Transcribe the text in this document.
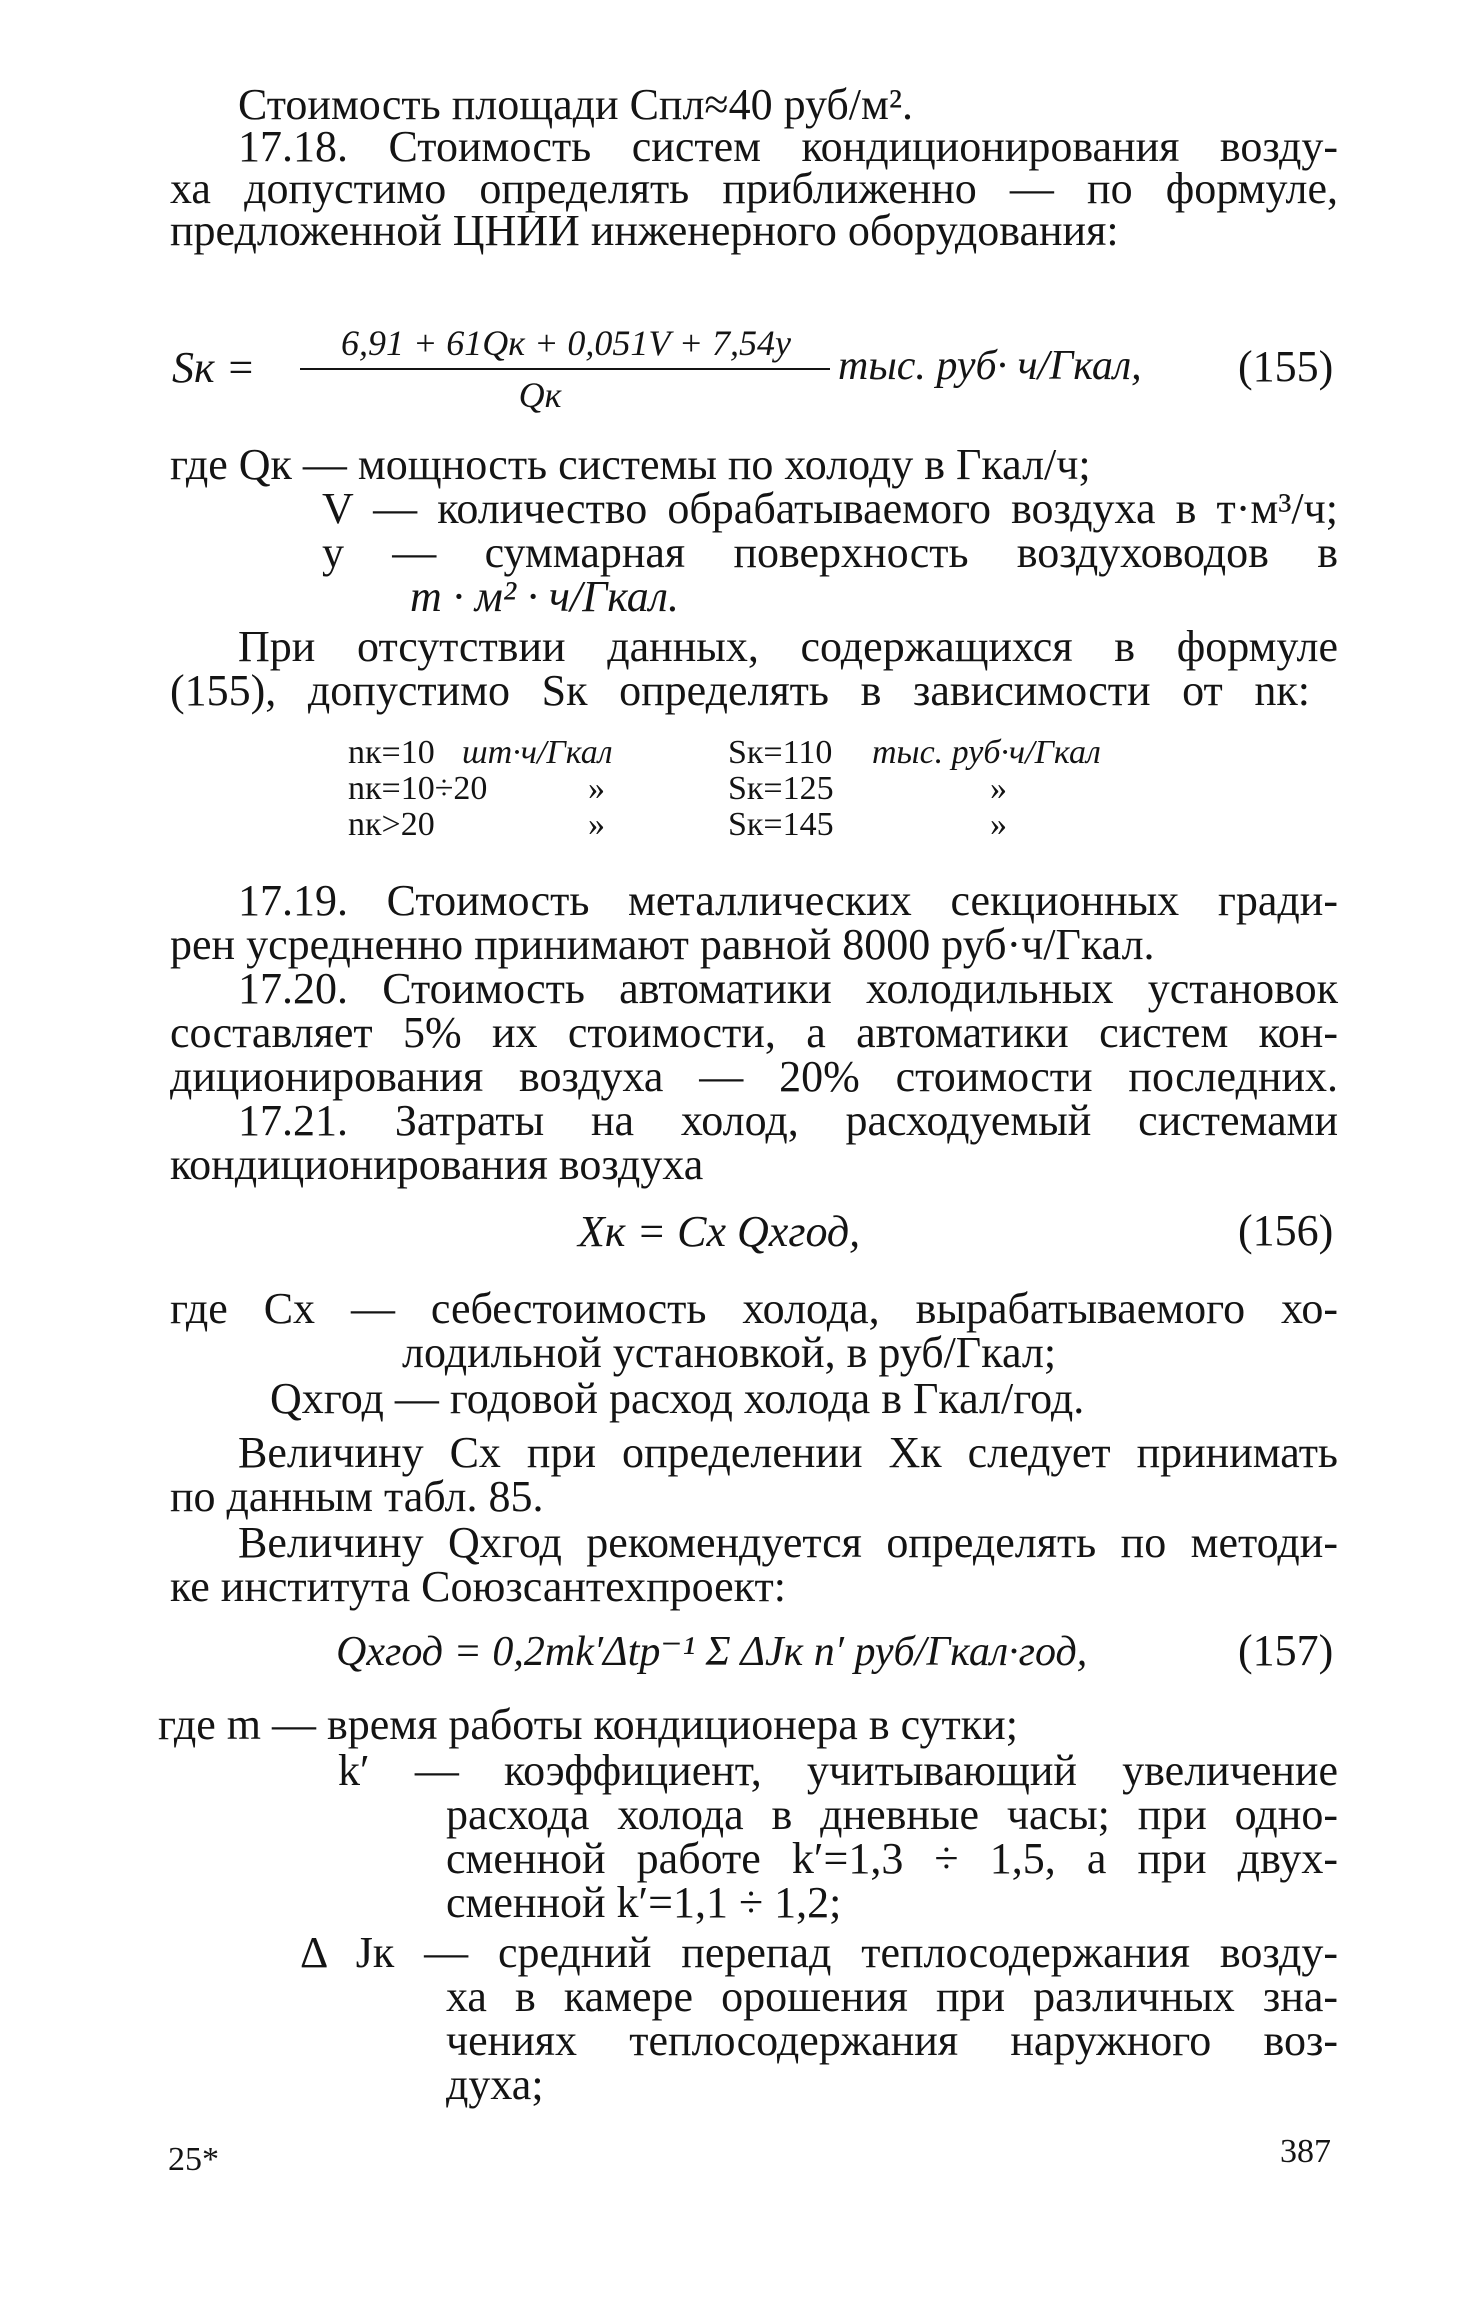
Стоимость площади Cпл≈40 руб/м².
17.18. Стоимость систем кондиционирования возду-
ха допустимо определять приближенно — по формуле,
предложенной ЦНИИ инженерного оборудования:
Sк =	6,91 + 61Qк + 0,051V + 7,54y
Qк
тыс. руб· ч/Гкал, (155)
где Qк — мощность системы по холоду в Гкал/ч;
V — количество обрабатываемого воздуха в т·м³/ч;
y — суммарная поверхность воздуховодов в
т · м² · ч/Гкал.
При отсутствии данных, содержащихся в формуле
(155), допустимо Sк определять в зависимости от nк:
nк=10 шт·ч/Гкал	Sк=110 тыс. руб·ч/Гкал
nк=10÷20	»	Sк=125	»
nк>20	»	Sк=145	»
17.19. Стоимость металлических секционных гради-
рен усредненно принимают равной 8000 руб·ч/Гкал.
17.20. Стоимость автоматики холодильных установок
составляет 5% их стоимости, а автоматики систем кон-
диционирования воздуха — 20% стоимости последних.
17.21. Затраты на холод, расходуемый системами
кондиционирования воздуха
Xк = Cх Qхгод,	(156)
где Cх — себестоимость холода, вырабатываемого хо-
лодильной установкой, в руб/Гкал;
Qхгод — годовой расход холода в Гкал/год.
Величину Cх при определении Xк следует принимать
по данным табл. 85.
Величину Qхгод рекомендуется определять по методи-
ке института Союзсантехпроект:
Qхгод = 0,2mk′Δtр⁻¹ Σ ΔJк n′ руб/Гкал·год,	(157)
где m — время работы кондиционера в сутки;
k′ — коэффициент, учитывающий увеличение
расхода холода в дневные часы; при одно-
сменной работе k′=1,3 ÷ 1,5, а при двух-
сменной k′=1,1 ÷ 1,2;
Δ Jк — средний перепад теплосодержания возду-
ха в камере орошения при различных зна-
чениях теплосодержания наружного воз-
духа;
25*	387
